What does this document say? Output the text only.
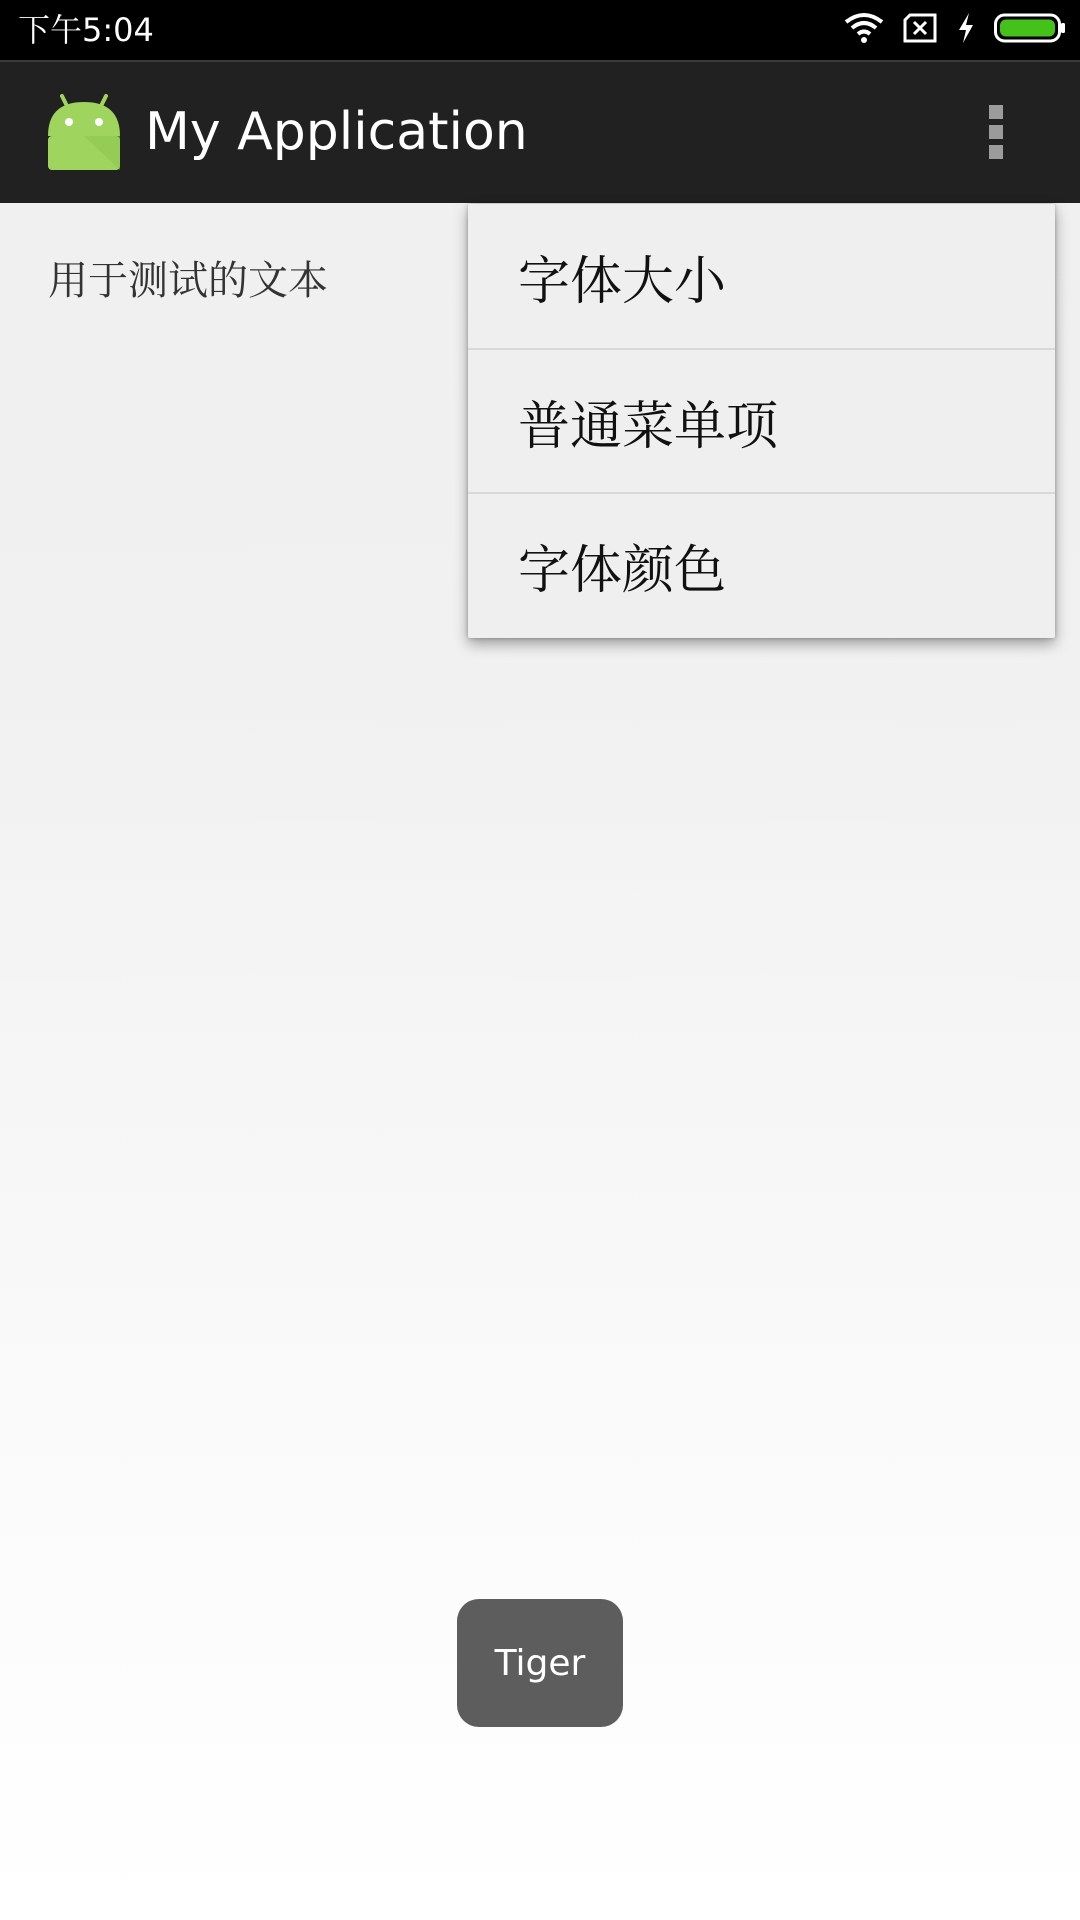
下午5:04
My Application
用于测试的文本	字体大小
普通菜单项
字体颜色
Tiger
